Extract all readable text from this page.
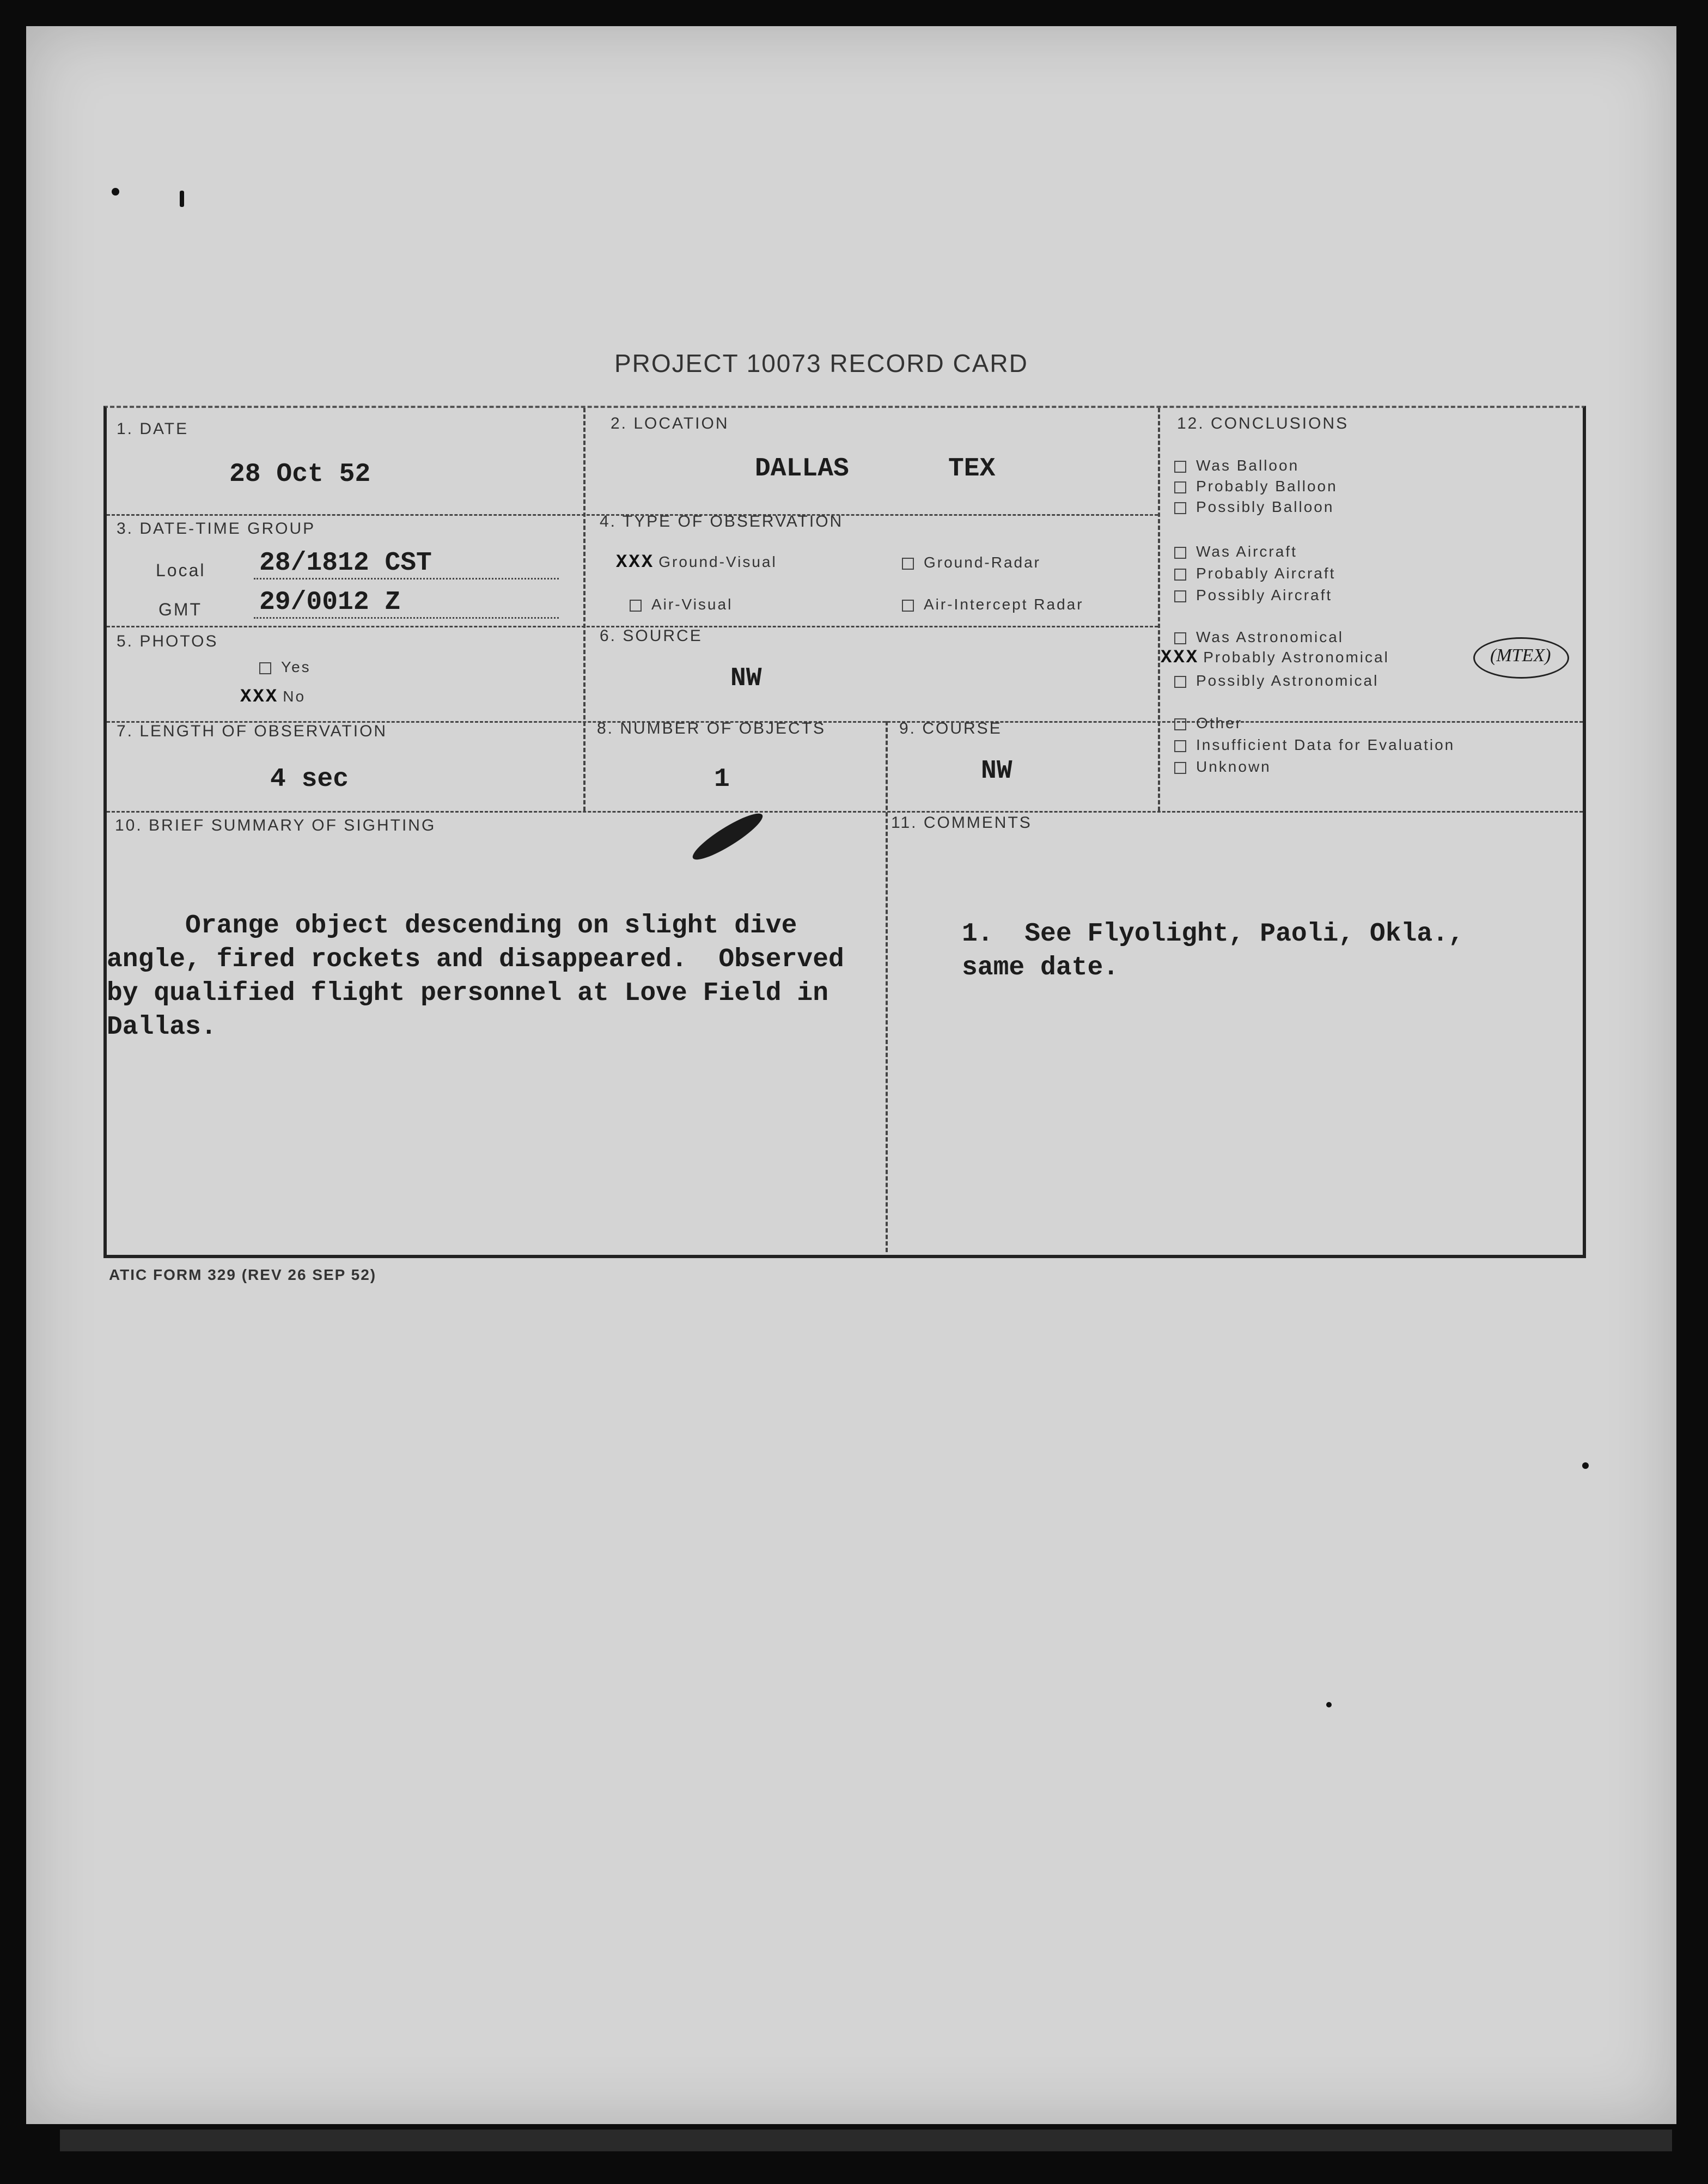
PROJECT 10073 RECORD CARD
1. DATE
28 Oct 52
2. LOCATION
DALLAS	TEX
3. DATE-TIME GROUP
Local 28/1812 CST
GMT 29/0012 Z
4. TYPE OF OBSERVATION
XXX Ground-Visual	Ground-Radar
Air-Visual	Air-Intercept Radar
5. PHOTOS
Yes
XXX No
6. SOURCE
NW
7. LENGTH OF OBSERVATION
4 sec
8. NUMBER OF OBJECTS
1
9. COURSE
NW
10. BRIEF SUMMARY OF SIGHTING
Orange object descending on slight dive
angle, fired rockets and disappeared.  Observed
by qualified flight personnel at Love Field in
Dallas.
11. COMMENTS
1.  See Flyolight, Paoli, Okla.,
same date.
12. CONCLUSIONS
Was Balloon
Probably Balloon
Possibly Balloon
Was Aircraft
Probably Aircraft
Possibly Aircraft
Was Astronomical
XXX Probably Astronomical
Possibly Astronomical
Other
Insufficient Data for Evaluation
Unknown
(MTEX)
ATIC FORM 329 (REV 26 SEP 52)
